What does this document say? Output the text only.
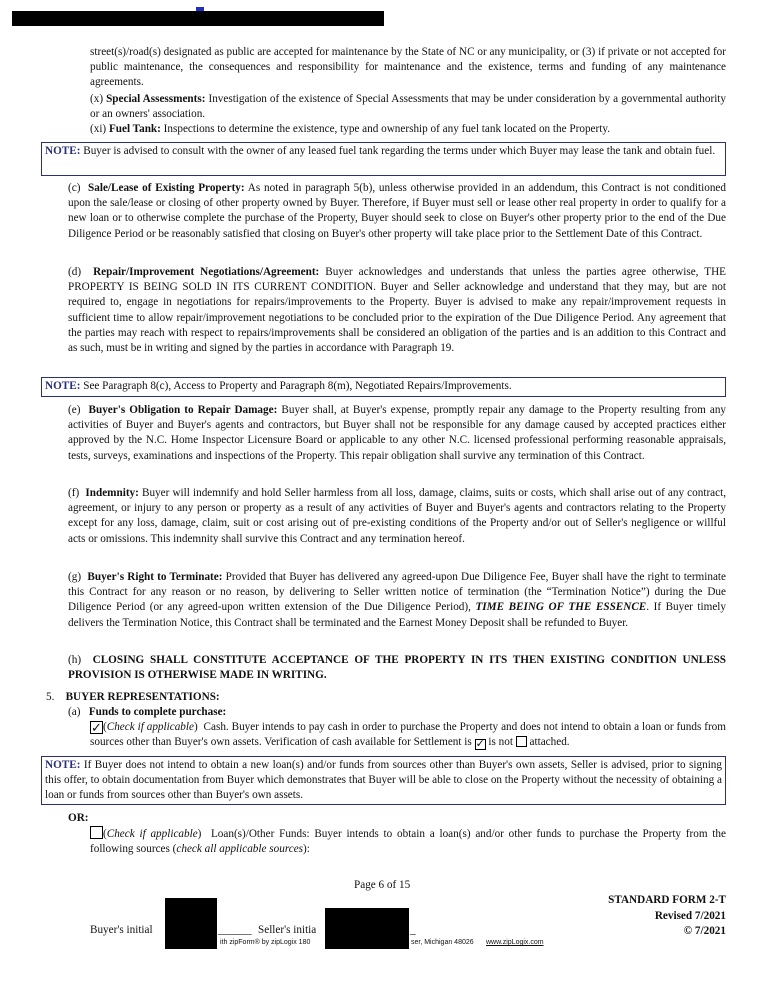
street(s)/road(s) designated as public are accepted for maintenance by the State of NC or any municipality, or (3) if private or not accepted for public maintenance, the consequences and responsibility for maintenance and the existence, terms and funding of any maintenance agreements.
(x) Special Assessments: Investigation of the existence of Special Assessments that may be under consideration by a governmental authority or an owners' association.
(xi) Fuel Tank: Inspections to determine the existence, type and ownership of any fuel tank located on the Property.
NOTE: Buyer is advised to consult with the owner of any leased fuel tank regarding the terms under which Buyer may lease the tank and obtain fuel.
(c) Sale/Lease of Existing Property: As noted in paragraph 5(b), unless otherwise provided in an addendum, this Contract is not conditioned upon the sale/lease or closing of other property owned by Buyer. Therefore, if Buyer must sell or lease other real property in order to qualify for a new loan or to otherwise complete the purchase of the Property, Buyer should seek to close on Buyer's other property prior to the end of the Due Diligence Period or be reasonably satisfied that closing on Buyer's other property will take place prior to the Settlement Date of this Contract.
(d) Repair/Improvement Negotiations/Agreement: Buyer acknowledges and understands that unless the parties agree otherwise, THE PROPERTY IS BEING SOLD IN ITS CURRENT CONDITION. Buyer and Seller acknowledge and understand that they may, but are not required to, engage in negotiations for repairs/improvements to the Property. Buyer is advised to make any repair/improvement requests in sufficient time to allow repair/improvement negotiations to be concluded prior to the expiration of the Due Diligence Period. Any agreement that the parties may reach with respect to repairs/improvements shall be considered an obligation of the parties and is an addition to this Contract and as such, must be in writing and signed by the parties in accordance with Paragraph 19.
NOTE: See Paragraph 8(c), Access to Property and Paragraph 8(m), Negotiated Repairs/Improvements.
(e) Buyer's Obligation to Repair Damage: Buyer shall, at Buyer's expense, promptly repair any damage to the Property resulting from any activities of Buyer and Buyer's agents and contractors, but Buyer shall not be responsible for any damage caused by accepted practices either approved by the N.C. Home Inspector Licensure Board or applicable to any other N.C. licensed professional performing reasonable appraisals, tests, surveys, examinations and inspections of the Property. This repair obligation shall survive any termination of this Contract.
(f) Indemnity: Buyer will indemnify and hold Seller harmless from all loss, damage, claims, suits or costs, which shall arise out of any contract, agreement, or injury to any person or property as a result of any activities of Buyer and Buyer's agents and contractors relating to the Property except for any loss, damage, claim, suit or cost arising out of pre-existing conditions of the Property and/or out of Seller's negligence or willful acts or omissions. This indemnity shall survive this Contract and any termination hereof.
(g) Buyer's Right to Terminate: Provided that Buyer has delivered any agreed-upon Due Diligence Fee, Buyer shall have the right to terminate this Contract for any reason or no reason, by delivering to Seller written notice of termination (the “Termination Notice”) during the Due Diligence Period (or any agreed-upon written extension of the Due Diligence Period), TIME BEING OF THE ESSENCE. If Buyer timely delivers the Termination Notice, this Contract shall be terminated and the Earnest Money Deposit shall be refunded to Buyer.
(h) CLOSING SHALL CONSTITUTE ACCEPTANCE OF THE PROPERTY IN ITS THEN EXISTING CONDITION UNLESS PROVISION IS OTHERWISE MADE IN WRITING.
5. BUYER REPRESENTATIONS:
(a) Funds to complete purchase:
✓(Check if applicable)  Cash. Buyer intends to pay cash in order to purchase the Property and does not intend to obtain a loan or funds from sources other than Buyer's own assets. Verification of cash available for Settlement is ✓ is not attached.
NOTE: If Buyer does not intend to obtain a new loan(s) and/or funds from sources other than Buyer's own assets, Seller is advised, prior to signing this offer, to obtain documentation from Buyer which demonstrates that Buyer will be able to close on the Property without the necessity of obtaining a loan or funds from sources other than Buyer's own assets.
OR:
(Check if applicable)  Loan(s)/Other Funds: Buyer intends to obtain a loan(s) and/or other funds to purchase the Property from the following sources (check all applicable sources):
Page 6 of 15
STANDARD FORM 2-T
Revised 7/2021
© 7/2021
Buyer's initial	______ Seller's initia	_
ith zipForm® by zipLogix 180	ser, Michigan 48026 www.zipLogix.com
